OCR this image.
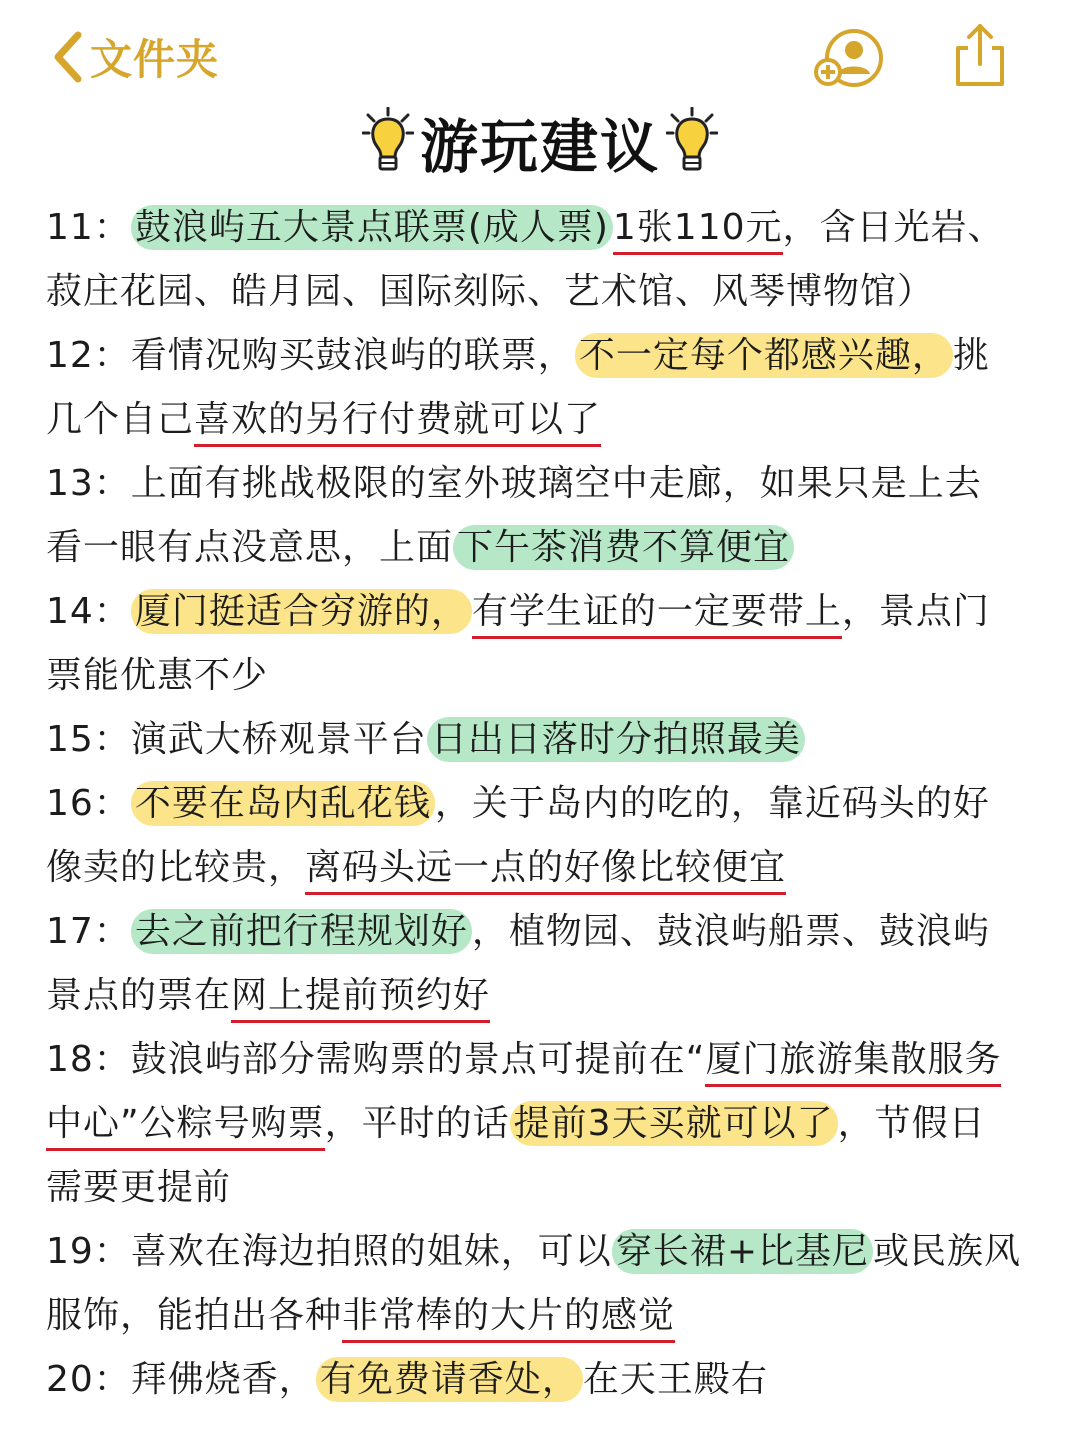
文件夹
游玩建议
11： 鼓浪屿五大景点联票(成人票) 1张110元，含日光岩、
菽庄花园、皓月园、国际刻际、艺术馆、风琴博物馆）
12：看情况购买鼓浪屿的联票， 不一定每个都感兴趣， 挑
几个自己喜欢的另行付费就可以了
13：上面有挑战极限的室外玻璃空中走廊，如果只是上去
看一眼有点没意思，上面 下午茶消费不算便宜
14： 厦门挺适合穷游的， 有学生证的一定要带上，景点门
票能优惠不少
15：演武大桥观景平台 日出日落时分拍照最美
16： 不要在岛内乱花钱 ，关于岛内的吃的，靠近码头的好
像卖的比较贵，离码头远一点的好像比较便宜
17： 去之前把行程规划好 ，植物园、鼓浪屿船票、鼓浪屿
景点的票在网上提前预约好
18：鼓浪屿部分需购票的景点可提前在“厦门旅游集散服务
中心”公粽号购票，平时的话 提前3天买就可以了 ，节假日
需要更提前
19：喜欢在海边拍照的姐妹，可以 穿长裙+比基尼 或民族风
服饰，能拍出各种非常棒的大片的感觉
20：拜佛烧香， 有免费请香处， 在天王殿右
